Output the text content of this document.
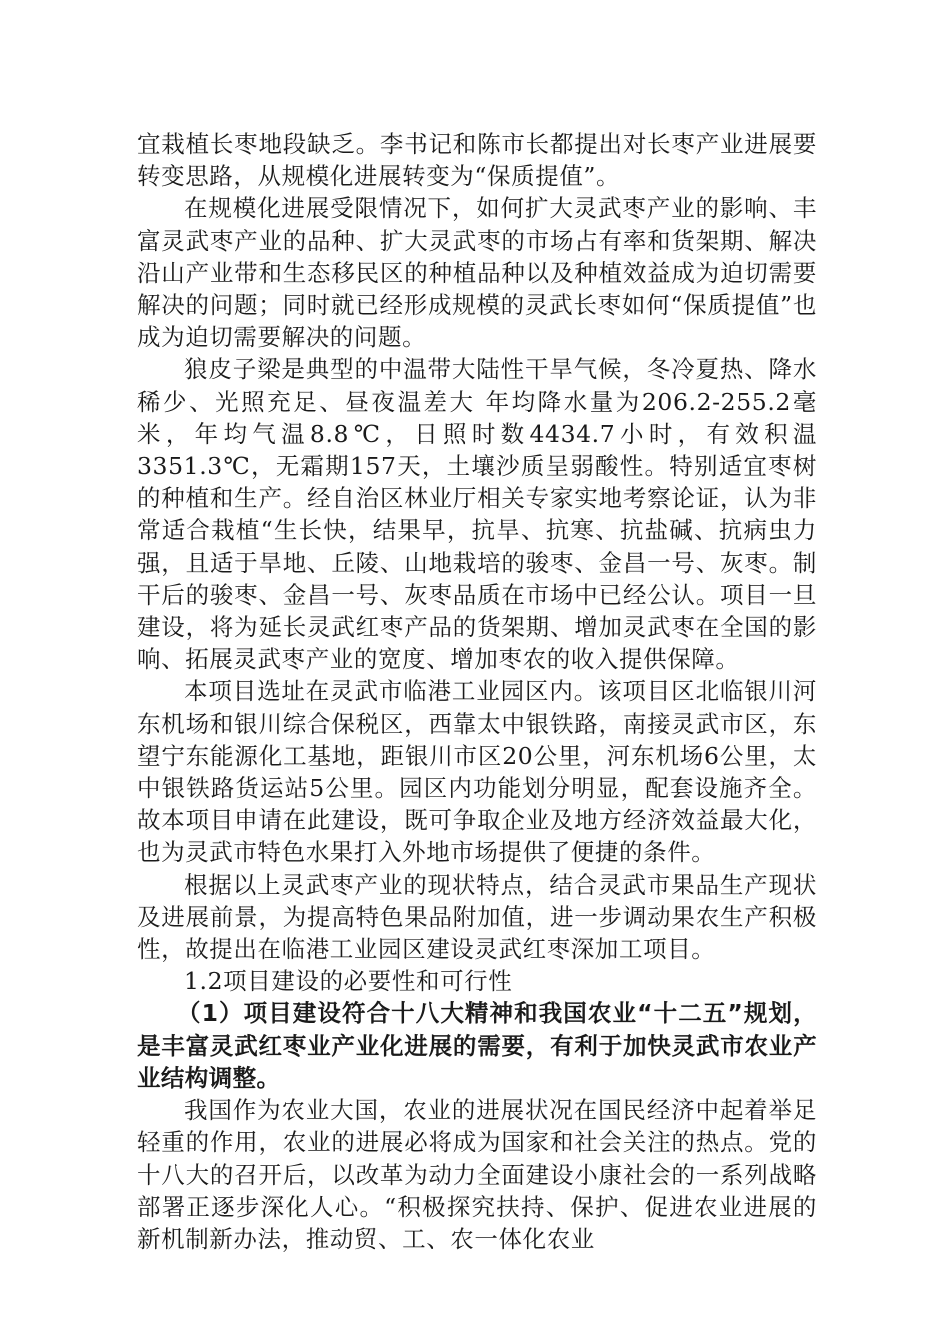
宜栽植长枣地段缺乏。李书记和陈市长都提出对长枣产业进展要转变思路，从规模化进展转变为“保质提值”。

在规模化进展受限情况下，如何扩大灵武枣产业的影响、丰富灵武枣产业的品种、扩大灵武枣的市场占有率和货架期、解决沿山产业带和生态移民区的种植品种以及种植效益成为迫切需要解决的问题；同时就已经形成规模的灵武长枣如何“保质提值”也成为迫切需要解决的问题。

狼皮子梁是典型的中温带大陆性干旱气候，冬冷夏热、降水稀少、光照充足、昼夜温差大 年均降水量为206.2-255.2毫米，年均气温8.8℃，日照时数4434.7小时，有效积温3351.3℃，无霜期157天，土壤沙质呈弱酸性。特别适宜枣树的种植和生产。经自治区林业厅相关专家实地考察论证，认为非常适合栽植“生长快，结果早，抗旱、抗寒、抗盐碱、抗病虫力强，且适于旱地、丘陵、山地栽培的骏枣、金昌一号、灰枣。制干后的骏枣、金昌一号、灰枣品质在市场中已经公认。项目一旦建设，将为延长灵武红枣产品的货架期、增加灵武枣在全国的影响、拓展灵武枣产业的宽度、增加枣农的收入提供保障。

本项目选址在灵武市临港工业园区内。该项目区北临银川河东机场和银川综合保税区，西靠太中银铁路，南接灵武市区，东望宁东能源化工基地，距银川市区20公里，河东机场6公里，太中银铁路货运站5公里。园区内功能划分明显，配套设施齐全。故本项目申请在此建设，既可争取企业及地方经济效益最大化，也为灵武市特色水果打入外地市场提供了便捷的条件。

根据以上灵武枣产业的现状特点，结合灵武市果品生产现状及进展前景，为提高特色果品附加值，进一步调动果农生产积极性，故提出在临港工业园区建设灵武红枣深加工项目。

1.2项目建设的必要性和可行性
（1）项目建设符合十八大精神和我国农业“十二五”规划，是丰富灵武红枣业产业化进展的需要，有利于加快灵武市农业产业结构调整。

我国作为农业大国，农业的进展状况在国民经济中起着举足轻重的作用，农业的进展必将成为国家和社会关注的热点。党的十八大的召开后，以改革为动力全面建设小康社会的一系列战略部署正逐步深化人心。“积极探究扶持、保护、促进农业进展的新机制新办法，推动贸、工、农一体化农业
